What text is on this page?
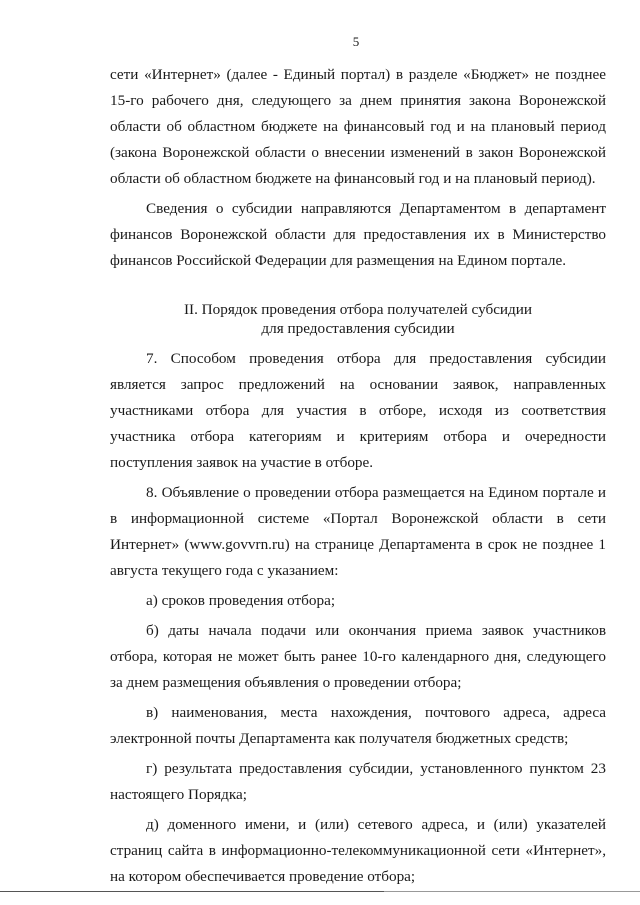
5

сети «Интернет» (далее - Единый портал) в разделе «Бюджет» не позднее 15-го рабочего дня, следующего за днем принятия закона Воронежской области об областном бюджете на финансовый год и на плановый период (закона Воронежской области о внесении изменений в закон Воронежской области об областном бюджете на финансовый год и на плановый период).

Сведения о субсидии направляются Департаментом в департамент финансов Воронежской области для предоставления их в Министерство финансов Российской Федерации для размещения на Едином портале.

II. Порядок проведения отбора получателей субсидии
для предоставления субсидии

7. Способом проведения отбора для предоставления субсидии является запрос предложений на основании заявок, направленных участниками отбора для участия в отборе, исходя из соответствия участника отбора категориям и критериям отбора и очередности поступления заявок на участие в отборе.

8. Объявление о проведении отбора размещается на Едином портале и в информационной системе «Портал Воронежской области в сети Интернет» (www.govvrn.ru) на странице Департамента в срок не позднее 1 августа текущего года с указанием:

а) сроков проведения отбора;

б) даты начала подачи или окончания приема заявок участников отбора, которая не может быть ранее 10-го календарного дня, следующего за днем размещения объявления о проведении отбора;

в) наименования, места нахождения, почтового адреса, адреса электронной почты Департамента как получателя бюджетных средств;

г) результата предоставления субсидии, установленного пунктом 23 настоящего Порядка;

д) доменного имени, и (или) сетевого адреса, и (или) указателей страниц сайта в информационно-телекоммуникационной сети «Интернет», на котором обеспечивается проведение отбора;
